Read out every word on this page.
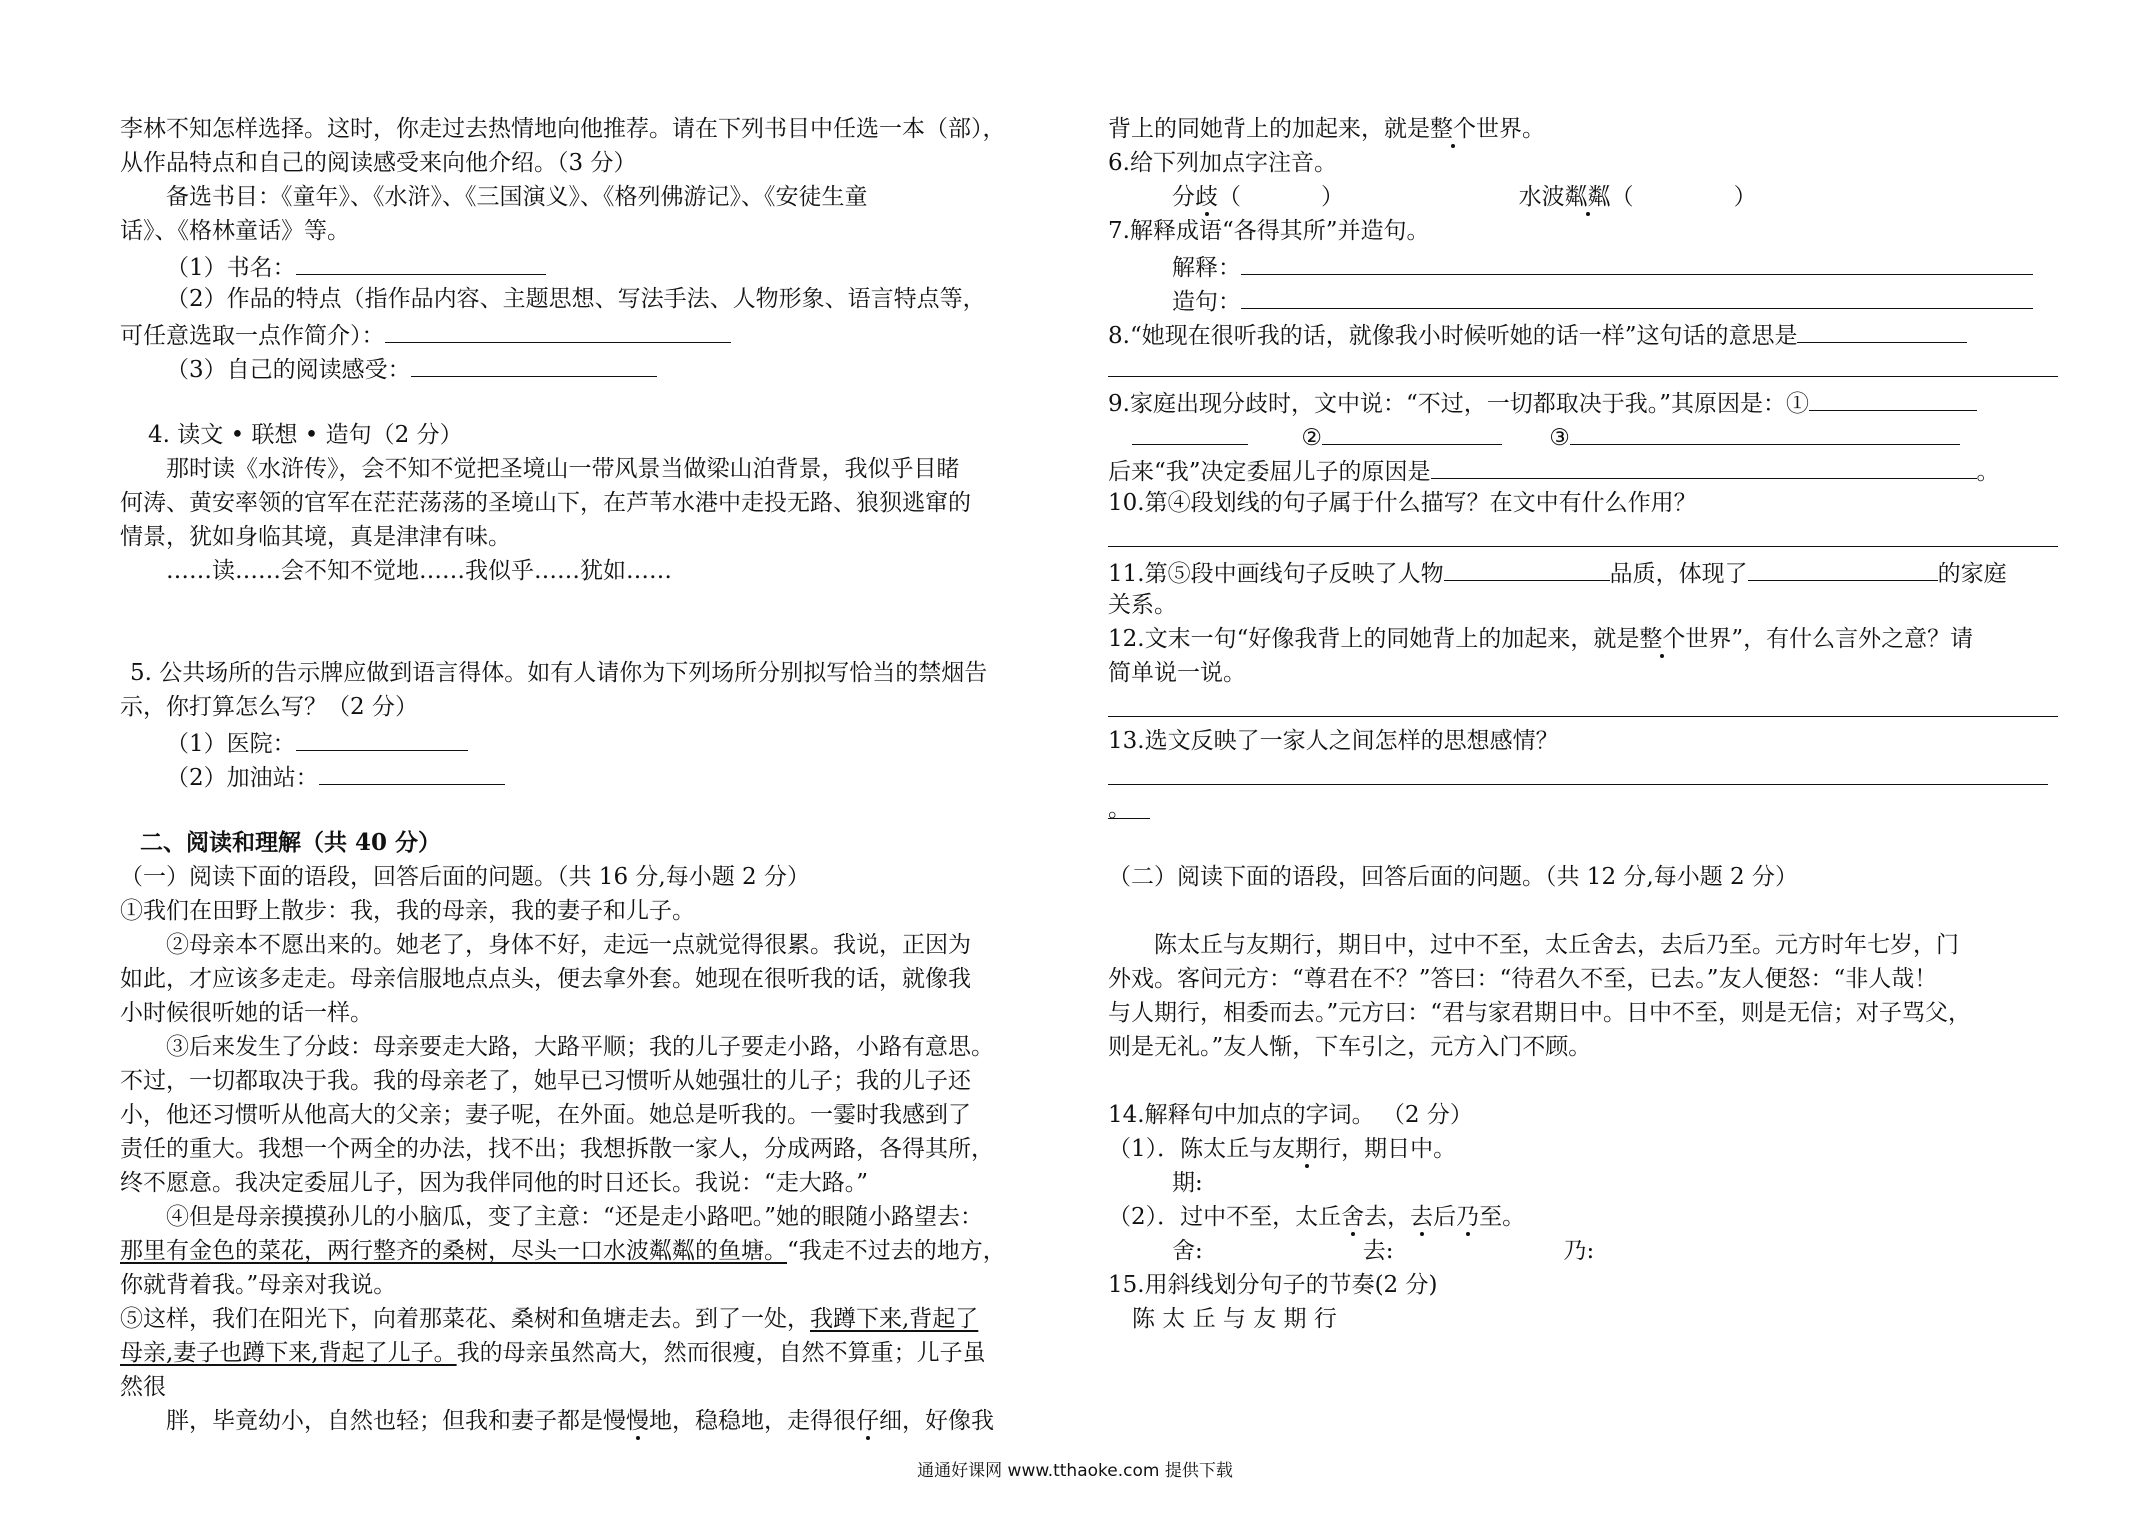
李林不知怎样选择。这时，你走过去热情地向他推荐。请在下列书目中任选一本（部），
从作品特点和自己的阅读感受来向他介绍。（3 分）
备选书目：《童年》、《水浒》、《三国演义》、《格列佛游记》、《安徒生童
话》、《格林童话》等。
（1）书名：
（2）作品的特点（指作品内容、主题思想、写法手法、人物形象、语言特点等，
可任意选取一点作简介）：
（3）自己的阅读感受：
4. 读文 • 联想 • 造句（2 分）
那时读《水浒传》，会不知不觉把圣境山一带风景当做梁山泊背景，我似乎目睹
何涛、黄安率领的官军在茫茫荡荡的圣境山下，在芦苇水港中走投无路、狼狈逃窜的
情景，犹如身临其境，真是津津有味。
……读……会不知不觉地……我似乎……犹如……
5. 公共场所的告示牌应做到语言得体。如有人请你为下列场所分别拟写恰当的禁烟告
示，你打算怎么写？（2 分）
（1）医院：
（2）加油站：
二、阅读和理解（共 40 分）
（一）阅读下面的语段，回答后面的问题。（共 16 分,每小题 2 分）
①我们在田野上散步：我，我的母亲，我的妻子和儿子。
②母亲本不愿出来的。她老了，身体不好，走远一点就觉得很累。我说，正因为
如此，才应该多走走。母亲信服地点点头，便去拿外套。她现在很听我的话，就像我
小时候很听她的话一样。
③后来发生了分歧：母亲要走大路，大路平顺；我的儿子要走小路，小路有意思。
不过，一切都取决于我。我的母亲老了，她早已习惯听从她强壮的儿子；我的儿子还
小，他还习惯听从他高大的父亲；妻子呢，在外面。她总是听我的。一霎时我感到了
责任的重大。我想一个两全的办法，找不出；我想拆散一家人，分成两路，各得其所，
终不愿意。我决定委屈儿子，因为我伴同他的时日还长。我说：“走大路。”
④但是母亲摸摸孙儿的小脑瓜，变了主意：“还是走小路吧。”她的眼随小路望去：
那里有金色的菜花，两行整齐的桑树，尽头一口水波粼粼的鱼塘。“我走不过去的地方，
你就背着我。”母亲对我说。
⑤这样，我们在阳光下，向着那菜花、桑树和鱼塘走去。到了一处，我蹲下来,背起了
母亲,妻子也蹲下来,背起了儿子。我的母亲虽然高大，然而很瘦，自然不算重；儿子虽
然很
胖，毕竟幼小，自然也轻；但我和妻子都是慢慢地，稳稳地，走得很仔细，好像我
背上的同她背上的加起来，就是整个世界。
6.给下列加点字注音。
分歧（	）	水波粼粼（	）
7.解释成语“各得其所”并造句。
解释：
造句：
8.“她现在很听我的话，就像我小时候听她的话一样”这句话的意思是
9.家庭出现分歧时，文中说：“不过，一切都取决于我。”其原因是：①
②	③
后来“我”决定委屈儿子的原因是	。
10.第④段划线的句子属于什么描写？在文中有什么作用？
11.第⑤段中画线句子反映了人物	品质，体现了	的家庭
关系。
12.文末一句“好像我背上的同她背上的加起来，就是整个世界”，有什么言外之意？请
简单说一说。
13.选文反映了一家人之间怎样的思想感情？
。
（二）阅读下面的语段，回答后面的问题。（共 12 分,每小题 2 分）
陈太丘与友期行，期日中，过中不至，太丘舍去，去后乃至。元方时年七岁，门
外戏。客问元方：“尊君在不？”答曰：“待君久不至，已去。”友人便怒：“非人哉！
与人期行，相委而去。”元方曰：“君与家君期日中。日中不至，则是无信；对子骂父，
则是无礼。”友人惭，下车引之，元方入门不顾。
14.解释句中加点的字词。 （2 分）
（1）．陈太丘与友期行，期日中。
期:
（2）．过中不至，太丘舍去，去后乃至。
舍:	去:	乃:
15.用斜线划分句子的节奏(2 分)
陈 太 丘 与 友 期 行
通通好课网 www.tthaoke.com 提供下载
